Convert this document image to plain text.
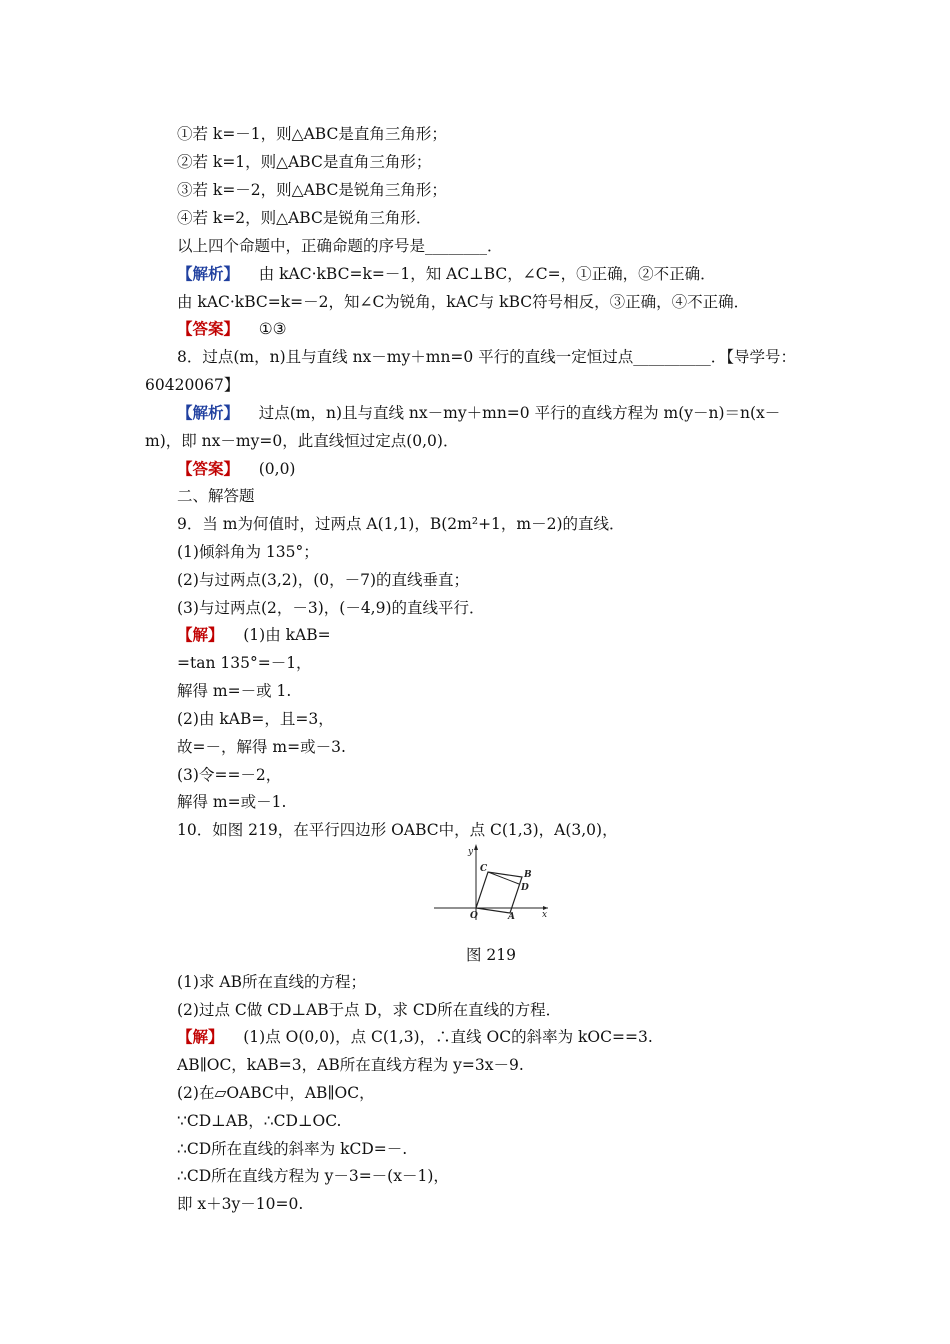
①若 k=－1，则△ABC是直角三角形；
②若 k=1，则△ABC是直角三角形；
③若 k=－2，则△ABC是锐角三角形；
④若 k=2，则△ABC是锐角三角形．
以上四个命题中，正确命题的序号是________．
【解析】 由 kAC·kBC=k=－1，知 AC⊥BC，∠C=，①正确，②不正确．
由 kAC·kBC=k=－2，知∠C为锐角，kAC与 kBC符号相反，③正确，④不正确．
【答案】 ①③
8．过点(m，n)且与直线 nx－my＋mn=0 平行的直线一定恒过点__________．【导学号：
60420067】
【解析】 过点(m，n)且与直线 nx－my＋mn=0 平行的直线方程为 m(y－n)＝n(x－
m)，即 nx－my=0，此直线恒过定点(0,0)．
【答案】 (0,0)
二、解答题
9．当 m为何值时，过两点 A(1,1)，B(2m²+1，m－2)的直线．
(1)倾斜角为 135°；
(2)与过两点(3,2)，(0，－7)的直线垂直；
(3)与过两点(2，－3)，(－4,9)的直线平行．
【解】 (1)由 kAB=
=tan 135°=－1，
解得 m=－或 1.
(2)由 kAB=，且=3，
故=－，解得 m=或－3.
(3)令==－2，
解得 m=或－1.
10．如图 219，在平行四边形 OABC中，点 C(1,3)，A(3,0)，
y
x
O	A
B
C
D
图 219
(1)求 AB所在直线的方程；
(2)过点 C做 CD⊥AB于点 D，求 CD所在直线的方程．
【解】 (1)点 O(0,0)，点 C(1,3)，∴直线 OC的斜率为 kOC==3.
AB∥OC，kAB=3，AB所在直线方程为 y=3x－9.
(2)在▱OABC中，AB∥OC，
∵CD⊥AB，∴CD⊥OC.
∴CD所在直线的斜率为 kCD=－.
∴CD所在直线方程为 y－3=－(x－1)，
即 x＋3y－10=0.
